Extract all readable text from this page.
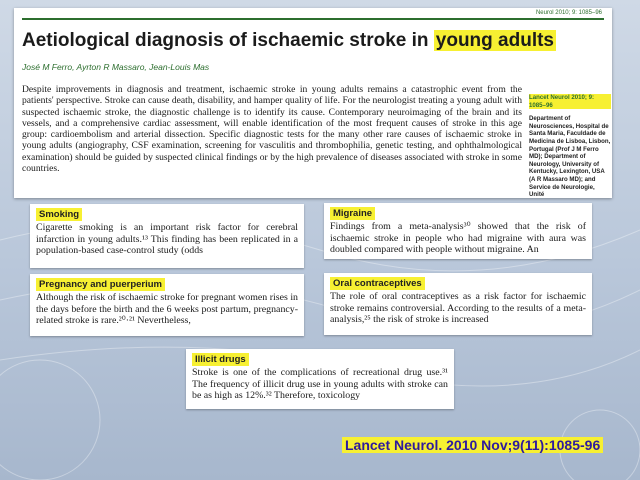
Neurol 2010; 9: 1085–96
Aetiological diagnosis of ischaemic stroke in young adults
José M Ferro, Ayrton R Massaro, Jean-Louis Mas
Despite improvements in diagnosis and treatment, ischaemic stroke in young adults remains a catastrophic event from the patients' perspective. Stroke can cause death, disability, and hamper quality of life. For the neurologist treating a young adult with suspected ischaemic stroke, the diagnostic challenge is to identify its cause. Contemporary neuroimaging of the brain and its vessels, and a comprehensive cardiac assessment, will enable identification of the most frequent causes of stroke in this age group: cardioembolism and arterial dissection. Specific diagnostic tests for the many other rare causes of ischaemic stroke in young adults (angiography, CSF examination, screening for vasculitis and thrombophilia, genetic testing, and ophthalmological examination) should be guided by suspected clinical findings or by the high prevalence of diseases associated with stroke in some countries.
Lancet Neurol 2010; 9: 1085–96
Department of Neurosciences, Hospital de Santa Maria, Faculdade de Medicina de Lisboa, Lisbon, Portugal (Prof J M Ferro MD); Department of Neurology, University of Kentucky, Lexington, USA (A R Massaro MD); and Service de Neurologie, Unité
Smoking
Cigarette smoking is an important risk factor for cerebral infarction in young adults.¹³ This finding has been replicated in a population-based case-control study (odds
Migraine
Findings from a meta-analysis³⁰ showed that the risk of ischaemic stroke in people who had migraine with aura was doubled compared with people without migraine. An
Pregnancy and puerperium
Although the risk of ischaemic stroke for pregnant women rises in the days before the birth and the 6 weeks post partum, pregnancy-related stroke is rare.²⁰·²¹ Nevertheless,
Oral contraceptives
The role of oral contraceptives as a risk factor for ischaemic stroke remains controversial. According to the results of a meta-analysis,²⁵ the risk of stroke is increased
Illicit drugs
Stroke is one of the complications of recreational drug use.³¹ The frequency of illicit drug use in young adults with stroke can be as high as 12%.³² Therefore, toxicology
Lancet Neurol. 2010 Nov;9(11):1085-96
